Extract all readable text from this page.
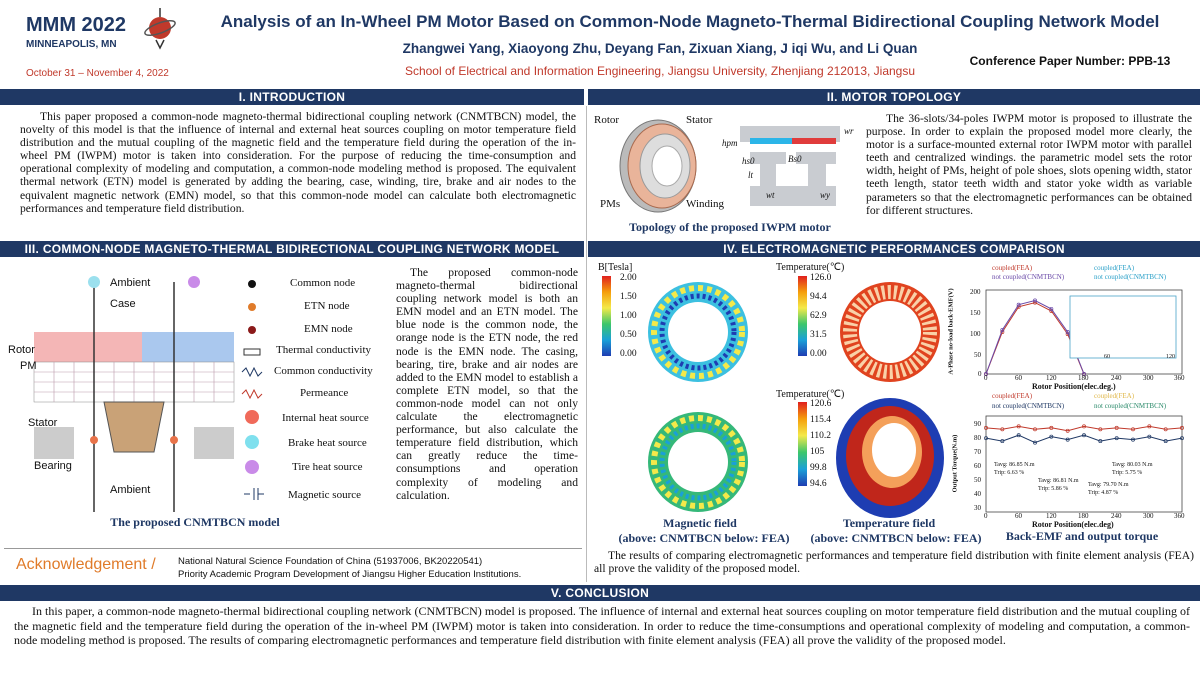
MMM 2022
MINNEAPOLIS, MN
October 31 – November 4, 2022
Analysis of an In-Wheel PM Motor Based on Common-Node Magneto-Thermal Bidirectional Coupling Network Model
Zhangwei Yang, Xiaoyong Zhu, Deyang Fan, Zixuan Xiang, J iqi Wu, and Li Quan
School of Electrical and Information Engineering, Jiangsu University, Zhenjiang 212013, Jiangsu
Conference Paper Number: PPB-13
I. INTRODUCTION
This paper proposed a common-node magneto-thermal bidirectional coupling network (CNMTBCN) model, the novelty of this model is that the influence of internal and external heat sources coupling on motor temperature field distribution and the mutual coupling of the magnetic field and the temperature field during the operation of the in-wheel PM (IWPM) motor is taken into consideration. For the purpose of reducing the time-consumption and operational complexity of modeling and computation, a common-node modeling method is proposed. The equivalent thermal network (ETN) model is generated by adding the bearing, case, winding, tire, brake and air nodes to the equivalent magnetic network (EMN) model, so that this common-node model can calculate both electromagnetic performances and temperature field distribution.
II. MOTOR TOPOLOGY
Rotor	Stator
PMs	Winding
hpm
hs0	Bs0
lt
wr
wt	wy
Topology of the proposed IWPM motor
The 36-slots/34-poles IWPM motor is proposed to illustrate the purpose. In order to explain the proposed model more clearly, the motor is a surface-mounted external rotor IWPM motor with parallel teeth and centralized windings. the parametric model sets the rotor width, height of PMs, height of pole shoes, slots opening width, stator teeth length, stator teeth width and stator yoke width as variable parameters so that the electromagnetic performances can be obtained for different structures.
III. COMMON-NODE MAGNETO-THERMAL BIDIRECTIONAL COUPLING NETWORK MODEL
Ambient
Case
Rotor
PM
Stator
Bearing
Ambient
Common node
ETN node
EMN node
Thermal conductivity
Common conductivity
Permeance
Internal heat source
Brake heat source
Tire heat source
Magnetic source
The proposed CNMTBCN model
The proposed common-node magneto-thermal bidirectional coupling network model is both an EMN model and an ETN model. The blue node is the common node, the orange node is the ETN node, the red node is the EMN node. The casing, bearing, tire, brake and air nodes are added to the EMN model to establish a complete ETN model, so that the common-node model can not only calculate the electromagnetic performance, but also calculate the temperature field distribution, which can greatly reduce the time-consumptions and operation complexity of modeling and calculation.
Acknowledgement / National Natural Science Foundation of China (51937006, BK20220541)
Priority Academic Program Development of Jiangsu Higher Education Institutions.
IV. ELECTROMAGNETIC PERFORMANCES COMPARISON
B[Tesla]
2.00
1.50
1.00
0.50
0.00
Temperature(℃)
126.0
94.4
62.9
31.5
0.00
Temperature(℃)
120.6
115.4
110.2
105
99.8
94.6
Magnetic field
(above: CNMTBCN below: FEA)
Temperature field
(above: CNMTBCN below: FEA)	Back-EMF and output torque
coupled(FEA)
not coupled(CNMTBCN)
coupled(FEA)
not coupled(CNMTBCN)
60	120
0	60	120	180	240	300	360
200
150
100
50
0
Rotor Position(elec.deg.)
A-Phase no-load back-EMF(V)
coupled(FEA)	coupled(FEA)
not coupled(CNMTBCN)	not coupled(CNMTBCN)
Tavg: 86.85 N.m
Trip: 6.63 %
Tavg: 86.81 N.m
Trip: 5.86 %
Tavg: 80.03 N.m
Trip: 5.75 %
Tavg: 79.70 N.m
Trip: 4.87 %
0	60	120	180	240	300	360
90
80
70
60
50
40
30
Rotor Position(elec.deg)
Output Torque(N.m)
The results of comparing electromagnetic performances and temperature field distribution with finite element analysis (FEA) all prove the validity of the proposed model.
V. CONCLUSION
In this paper, a common-node magneto-thermal bidirectional coupling network (CNMTBCN) model is proposed. The influence of internal and external heat sources coupling on motor temperature field distribution and the mutual coupling of the magnetic field and the temperature field during the operation of the in-wheel PM (IWPM) motor is taken into consideration. In order to reduce the time-consumptions and operational complexity of modeling and computation, a common-node modeling method is proposed. The results of comparing electromagnetic performances and temperature field distribution with finite element analysis (FEA) all prove the validity of the proposed model.
